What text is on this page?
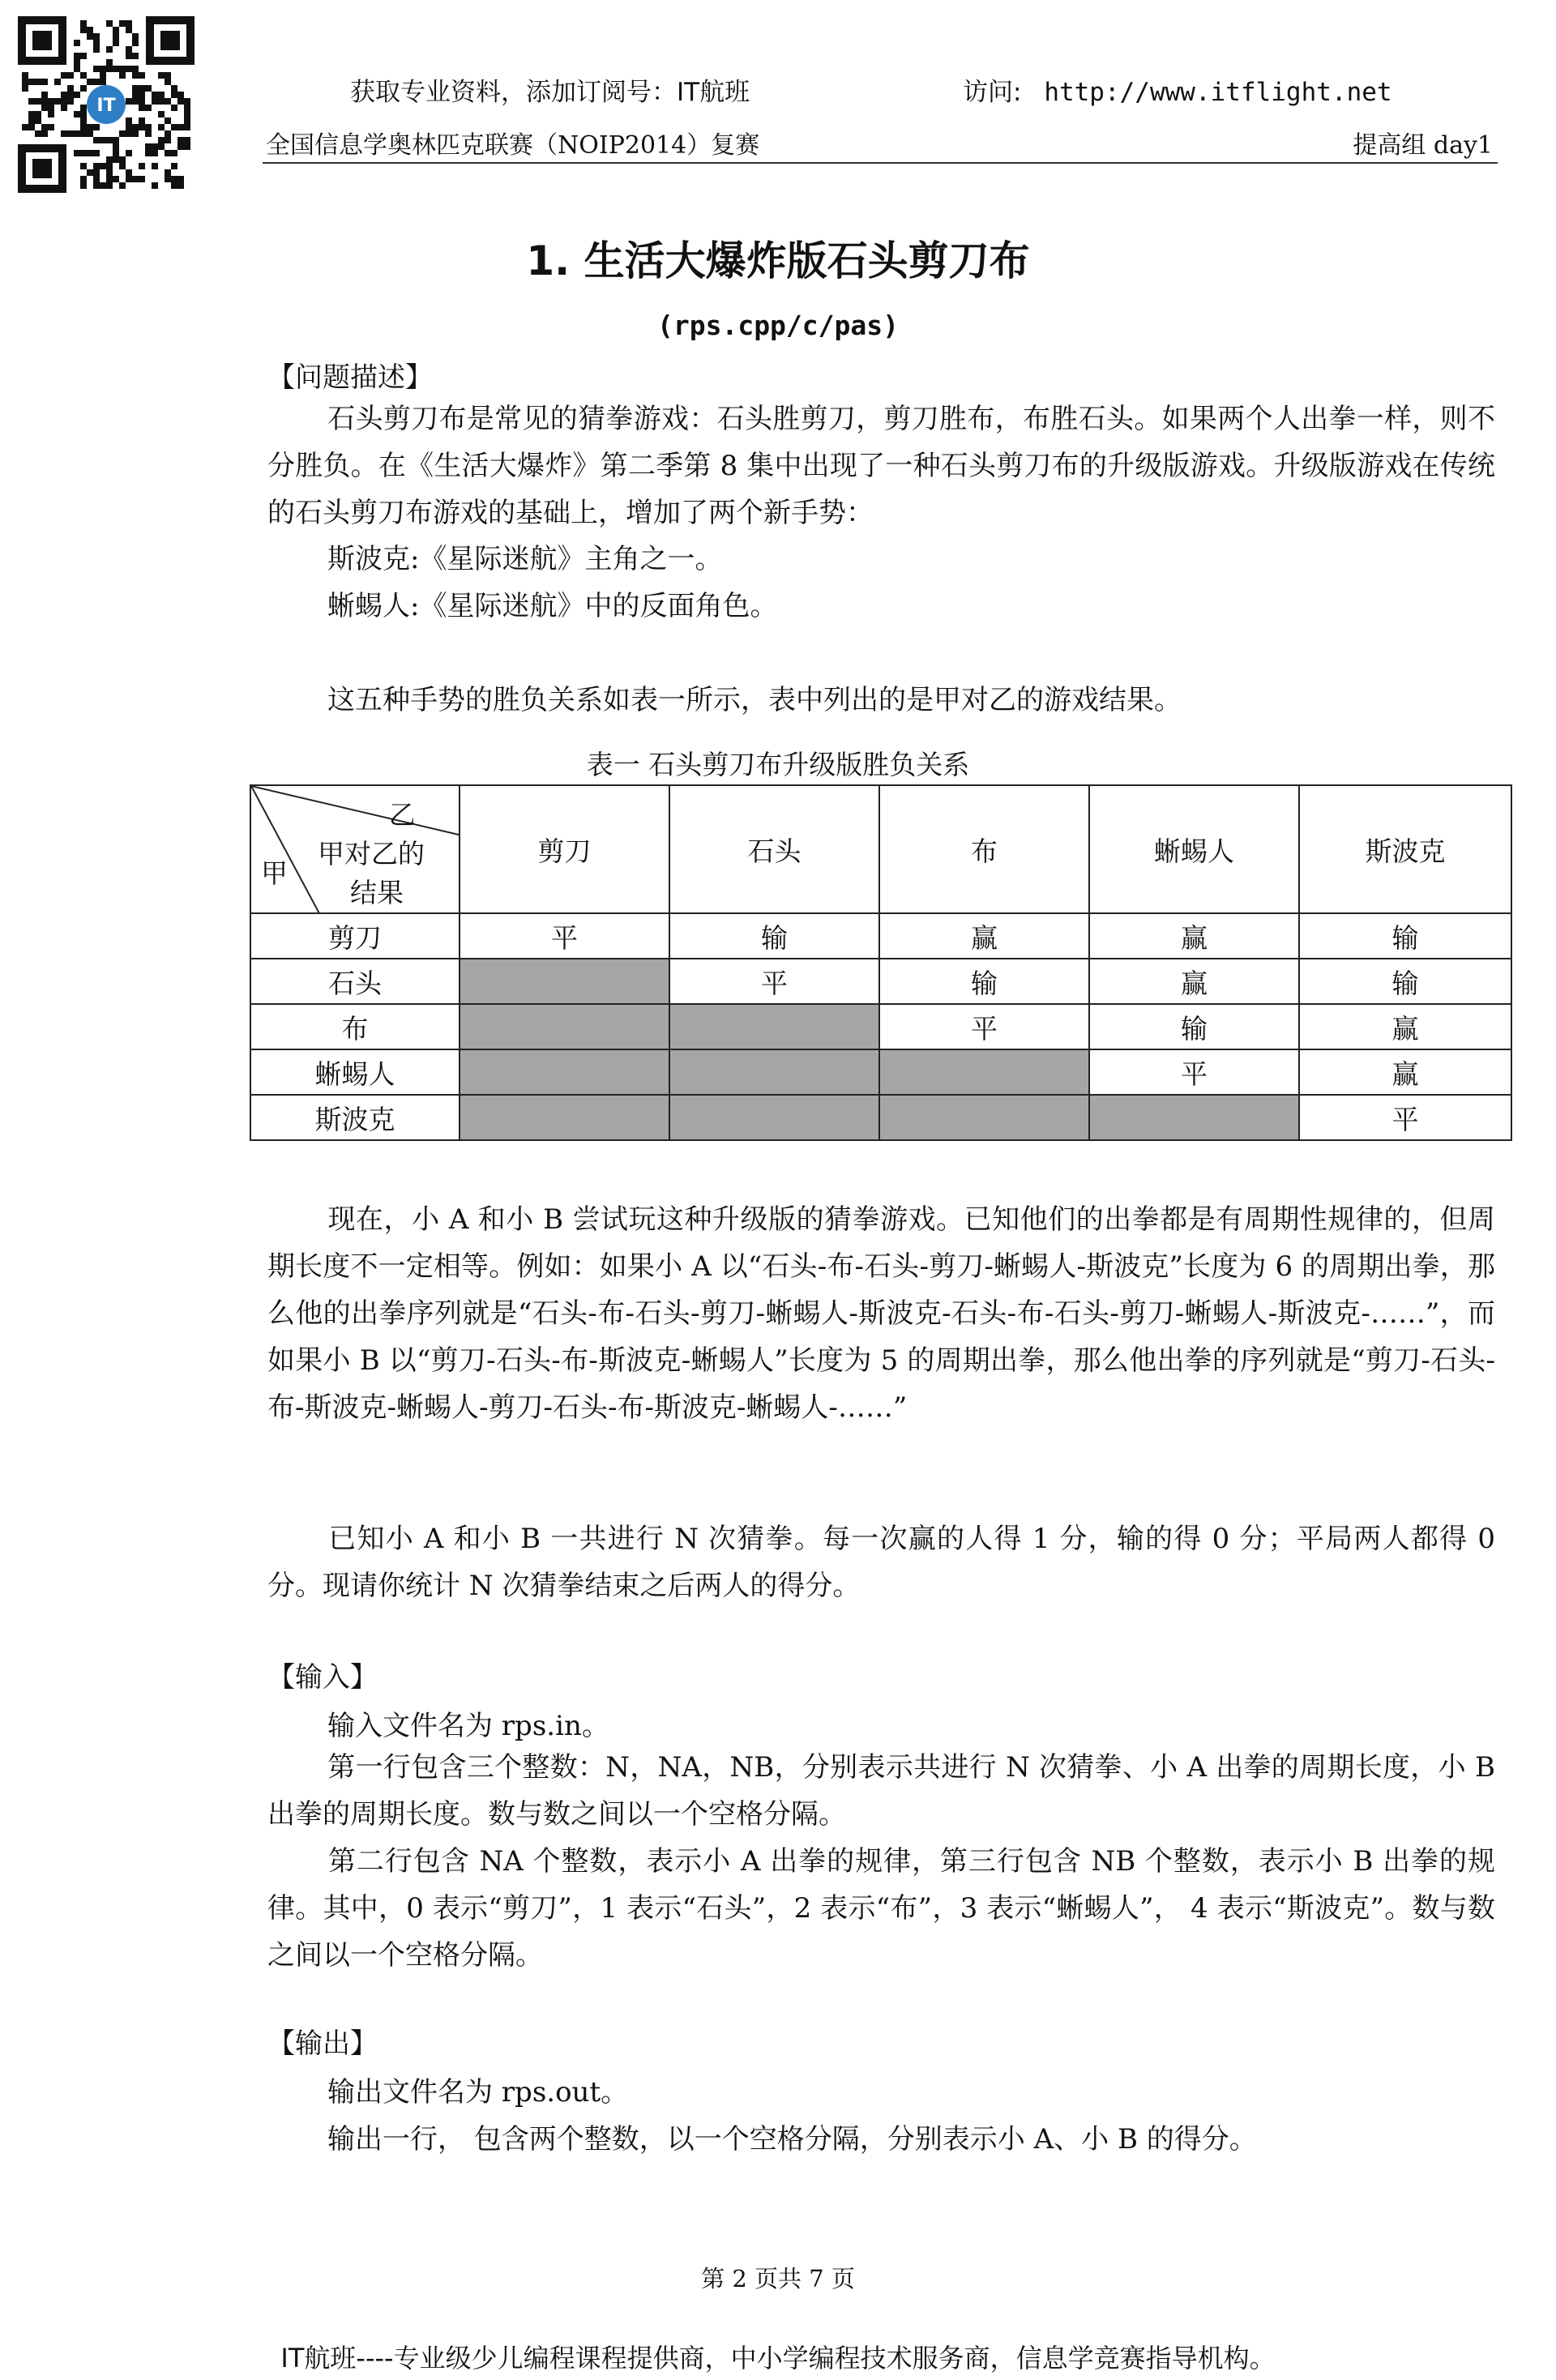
IT	获取专业资料，添加订阅号：IT航班	访问: http://www.itflight.net
全国信息学奥林匹克联赛（NOIP2014）复赛	提高组 day1
1. 生活大爆炸版石头剪刀布
(rps.cpp/c/pas)
【问题描述】
石头剪刀布是常见的猜拳游戏：石头胜剪刀，剪刀胜布，布胜石头。如果两个人出拳一样，则不分胜负。在《生活大爆炸》第二季第 8 集中出现了一种石头剪刀布的升级版游戏。升级版游戏在传统的石头剪刀布游戏的基础上，增加了两个新手势：
斯波克:《星际迷航》主角之一。
蜥蜴人:《星际迷航》中的反面角色。
这五种手势的胜负关系如表一所示，表中列出的是甲对乙的游戏结果。
表一 石头剪刀布升级版胜负关系
乙
甲对乙的
结果
甲	剪刀	石头	布	蜥蜴人	斯波克
剪刀	平	输	赢	赢	输
石头		平	输	赢	输
布			平	输	赢
蜥蜴人				平	赢
斯波克					平
现在，小 A 和小 B 尝试玩这种升级版的猜拳游戏。已知他们的出拳都是有周期性规律的，但周期长度不一定相等。例如：如果小 A 以“石头-布-石头-剪刀-蜥蜴人-斯波克”长度为 6 的周期出拳，那么他的出拳序列就是“石头-布-石头-剪刀-蜥蜴人-斯波克-石头-布-石头-剪刀-蜥蜴人-斯波克-……”，而如果小 B 以“剪刀-石头-布-斯波克-蜥蜴人”长度为 5 的周期出拳，那么他出拳的序列就是“剪刀-石头-布-斯波克-蜥蜴人-剪刀-石头-布-斯波克-蜥蜴人-……”
已知小 A 和小 B 一共进行 N 次猜拳。每一次赢的人得 1 分，输的得 0 分；平局两人都得 0 分。现请你统计 N 次猜拳结束之后两人的得分。
【输入】
输入文件名为 rps.in。
第一行包含三个整数：N，NA，NB，分别表示共进行 N 次猜拳、小 A 出拳的周期长度，小 B 出拳的周期长度。数与数之间以一个空格分隔。
第二行包含 NA 个整数，表示小 A 出拳的规律，第三行包含 NB 个整数，表示小 B 出拳的规律。其中，0 表示“剪刀”，1 表示“石头”，2 表示“布”，3 表示“蜥蜴人”， 4 表示“斯波克”。数与数之间以一个空格分隔。
【输出】
输出文件名为 rps.out。
输出一行， 包含两个整数，以一个空格分隔，分别表示小 A、小 B 的得分。
第 2 页共 7 页
IT航班----专业级少儿编程课程提供商，中小学编程技术服务商，信息学竞赛指导机构。
